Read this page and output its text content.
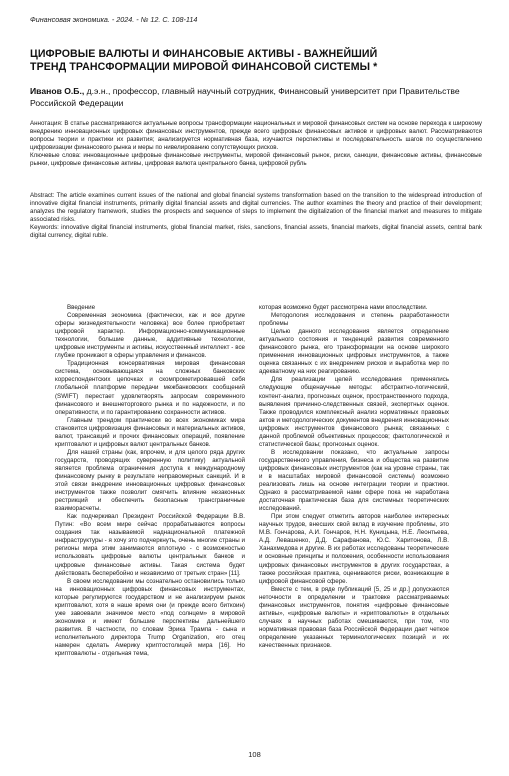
Финансовая экономика. - 2024. - № 12. С. 108-114
ЦИФРОВЫЕ ВАЛЮТЫ И ФИНАНСОВЫЕ АКТИВЫ - ВАЖНЕЙШИЙ
ТРЕНД ТРАНСФОРМАЦИИ МИРОВОЙ ФИНАНСОВОЙ СИСТЕМЫ *
Иванов О.Б., д.э.н., профессор, главный научный сотрудник, Финансовый университет при Правительстве Российской Федерации
Аннотация: В статье рассматриваются актуальные вопросы трансформации национальных и мировой финансовых систем на основе перехода к широкому внедрению инновационных цифровых финансовых инструментов, прежде всего цифровых финансовых активов и цифровых валют. Рассматриваются вопросы теории и практики их развития; анализируется нормативная база, изучаются перспективы и последовательность шагов по осуществлению цифровизации финансового рынка и меры по нивелированию сопутствующих рисков.
Ключевые слова: инновационные цифровые финансовые инструменты, мировой финансовый рынок, риски, санкции, финансовые активы, финансовые рынки, цифровые финансовые активы, цифровая валюта центрального банка, цифровой рубль
Abstract: The article examines current issues of the national and global financial systems transformation based on the transition to the widespread introduction of innovative digital financial instruments, primarily digital financial assets and digital currencies. The author examines the theory and practice of their development; analyzes the regulatory framework, studies the prospects and sequence of steps to implement the digitalization of the financial market and measures to mitigate associated risks.
Keywords: innovative digital financial instruments, global financial market, risks, sanctions, financial assets, financial markets, digital financial assets, central bank digital currency, digital ruble.

Введение

Современная экономика (фактически, как и все другие сферы жизнедеятельности человека) все более приобретает цифровой характер. Информационно-коммуникационные технологии, большие данные, аддитивные технологии, цифровые инструменты и активы, искусственный интеллект - все глубже проникают в сферы управления и финансов.

Традиционная консервативная мировая финансовая система, основывающаяся на сложных банковских корреспондентских цепочках и скомпрометировавшей себя глобальной платформе передачи межбанковских сообщений (SWIFT) перестает удовлетворять запросам современного финансового и внешнеторгового рынка и по надежности, и по оперативности, и по гарантированию сохранности активов.

Главным трендом практически во всех экономиках мира становится цифровизация финансовых и материальных активов, валют, трансакций и прочих финансовых операций, появление криптовалют и цифровых валют центральных банков.

Для нашей страны (как, впрочем, и для целого ряда других государств, проводящих суверенную политику) актуальной является проблема ограничения доступа к международному финансовому рынку в результате неправомерных санкций. И в этой связи внедрение инновационных цифровых финансовых инструментов также позволит смягчить влияние незаконных рестрикций и обеспечить безопасные трансграничные взаиморасчеты.

Как подчеркивал Президент Российской Федерации В.В. Путин: «Во всем мире сейчас прорабатываются вопросы создания так называемой наднациональной платежной инфраструктуры - я хочу это подчеркнуть, очень многие страны и регионы мира этим занимаются вплотную - с возможностью использовать цифровые валюты центральных банков и цифровые финансовые активы. Такая система будет действовать бесперебойно и независимо от третьих стран» [11].

В своем исследовании мы сознательно остановились только на инновационных цифровых финансовых инструментах, которые регулируются государством и не анализируем рынок криптовалют, хотя в наше время они (и прежде всего биткоин) уже завоевали значимое место «под солнцем» в мировой экономике и имеют большие перспективы дальнейшего развития. В частности, по словам Эрика Трампа - сына и исполнительного директора Trump Organization, его отец намерен сделать Америку криптостолицей мира [16]. Но криптовалюты - отдельная тема,

которая возможно будет рассмотрена нами впоследствии.

Методология исследования и степень разработанности проблемы

Целью данного исследования является определение актуального состояния и тенденций развития современного финансового рынка, его трансформации на основе широкого применения инновационных цифровых инструментов, а также оценка связанных с их внедрением рисков и выработка мер по адекватному на них реагированию.

Для реализации целей исследования применялись следующие общенаучные методы: абстрактно-логический, контент-анализ, прогнозных оценок, пространственного подхода, выявления причинно-следственных связей, экспертных оценок. Также проводился комплексный анализ нормативных правовых актов и методологических документов внедрения инновационных цифровых инструментов финансового рынка; связанных с данной проблемой объективных процессов; фактологической и статистической базы; прогнозных оценок.

В исследовании показано, что актуальные запросы государственного управления, бизнеса и общества на развитие цифровых финансовых инструментов (как на уровне страны, так и в масштабах мировой финансовой системы) возможно реализовать лишь на основе интеграции теории и практики. Однако в рассматриваемой нами сфере пока не наработана достаточная практическая база для системных теоретических исследований.

При этом следует отметить авторов наиболее интересных научных трудов, внесших свой вклад в изучение проблемы, это М.В. Гончарова, А.И. Гончаров, Н.Н. Куницына, Н.Е. Леонтьева, А.Д. Левашенко, Д.Д. Сарафанова, Ю.С. Харитонова, Л.В. Ханахмедова и другие. В их работах исследованы теоретические и основные принципы и положения, особенности использования цифровых финансовых инструментов в других государствах, а также российская практика, оцениваются риски, возникающие в цифровой финансовой сфере.

Вместе с тем, в ряде публикаций [5, 25 и др.] допускаются неточности в определении и трактовке рассматриваемых финансовых инструментов, понятия «цифровые финансовые активы», «цифровые валюты» и «криптовалюты» в отдельных случаях в научных работах смешиваются, при том, что нормативная правовая база Российской Федерации дает четкое определение указанных терминологических позиций и их качественных признаков.

108
